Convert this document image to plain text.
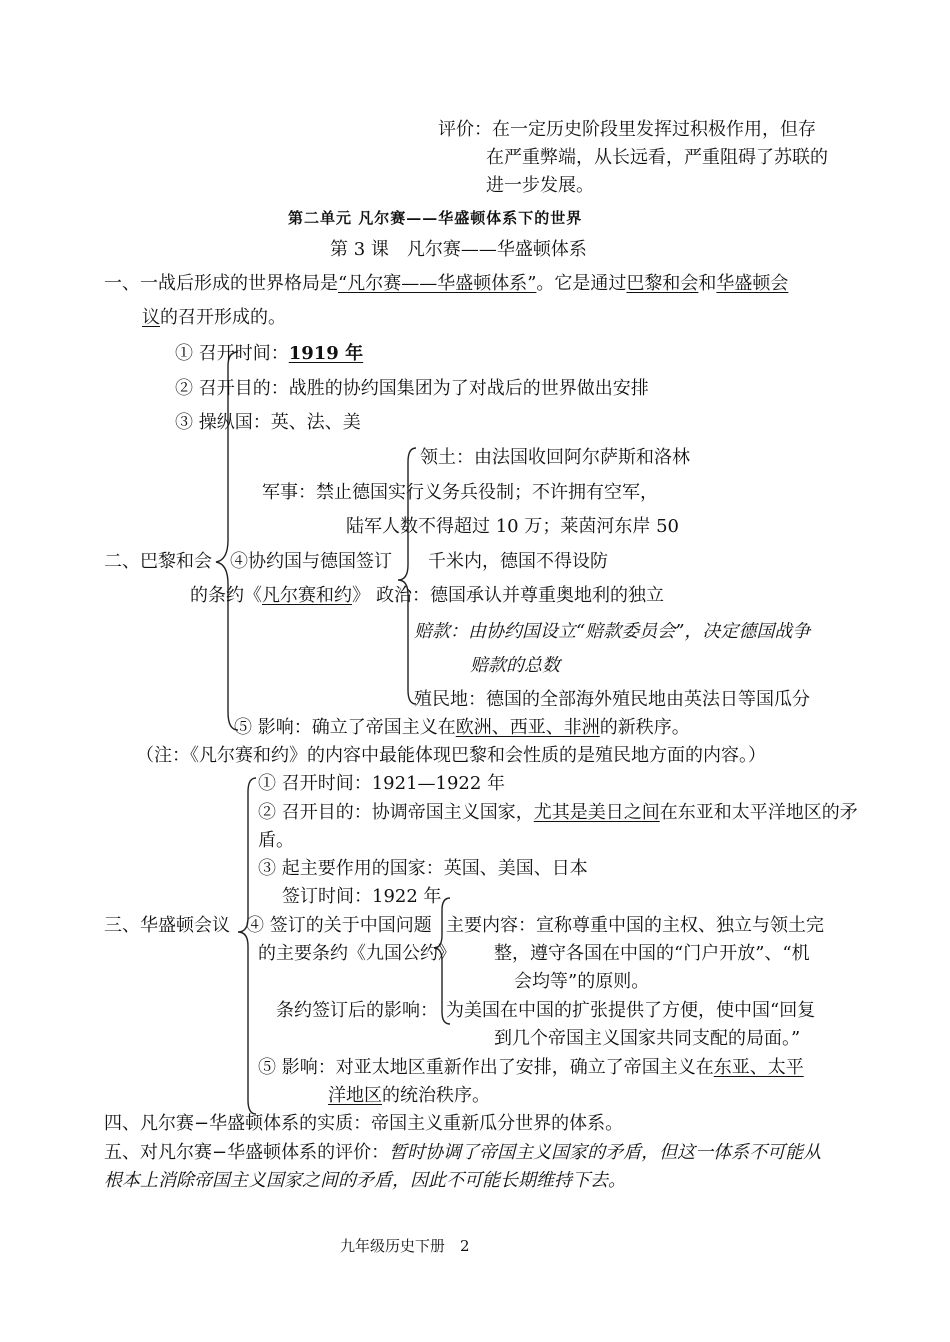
评价：在一定历史阶段里发挥过积极作用，但存
在严重弊端，从长远看，严重阻碍了苏联的
进一步发展。
第二单元 凡尔赛——华盛顿体系下的世界
第 3 课　凡尔赛——华盛顿体系
一、一战后形成的世界格局是“凡尔赛——华盛顿体系”。它是通过巴黎和会和华盛顿会
议的召开形成的。
① 召开时间：1919 年
② 召开目的：战胜的协约国集团为了对战后的世界做出安排
③ 操纵国：英、法、美
领土：由法国收回阿尔萨斯和洛林
军事：禁止德国实行义务兵役制；不许拥有空军，
陆军人数不得超过 10 万；莱茵河东岸 50
二、巴黎和会 ④协约国与德国签订 千米内，德国不得设防
的条约《凡尔赛和约》 政治：德国承认并尊重奥地利的独立
赔款：由协约国设立“赔款委员会”，决定德国战争
赔款的总数
殖民地：德国的全部海外殖民地由英法日等国瓜分
⑤ 影响：确立了帝国主义在欧洲、西亚、非洲的新秩序。
（注：《凡尔赛和约》的内容中最能体现巴黎和会性质的是殖民地方面的内容。）
① 召开时间：1921—1922 年
② 召开目的：协调帝国主义国家，尤其是美日之间在东亚和太平洋地区的矛
盾。
③ 起主要作用的国家：英国、美国、日本
签订时间：1922 年
三、华盛顿会议 ④ 签订的关于中国问题 主要内容：宣称尊重中国的主权、独立与领土完
的主要条约《九国公约》 整，遵守各国在中国的“门户开放”、“机
会均等”的原则。
条约签订后的影响： 为美国在中国的扩张提供了方便，使中国“回复
到几个帝国主义国家共同支配的局面。”
⑤ 影响：对亚太地区重新作出了安排，确立了帝国主义在东亚、太平
洋地区的统治秩序。
四、凡尔赛−华盛顿体系的实质：帝国主义重新瓜分世界的体系。
五、对凡尔赛−华盛顿体系的评价：暂时协调了帝国主义国家的矛盾，但这一体系不可能从
根本上消除帝国主义国家之间的矛盾，因此不可能长期维持下去。
九年级历史下册　2
